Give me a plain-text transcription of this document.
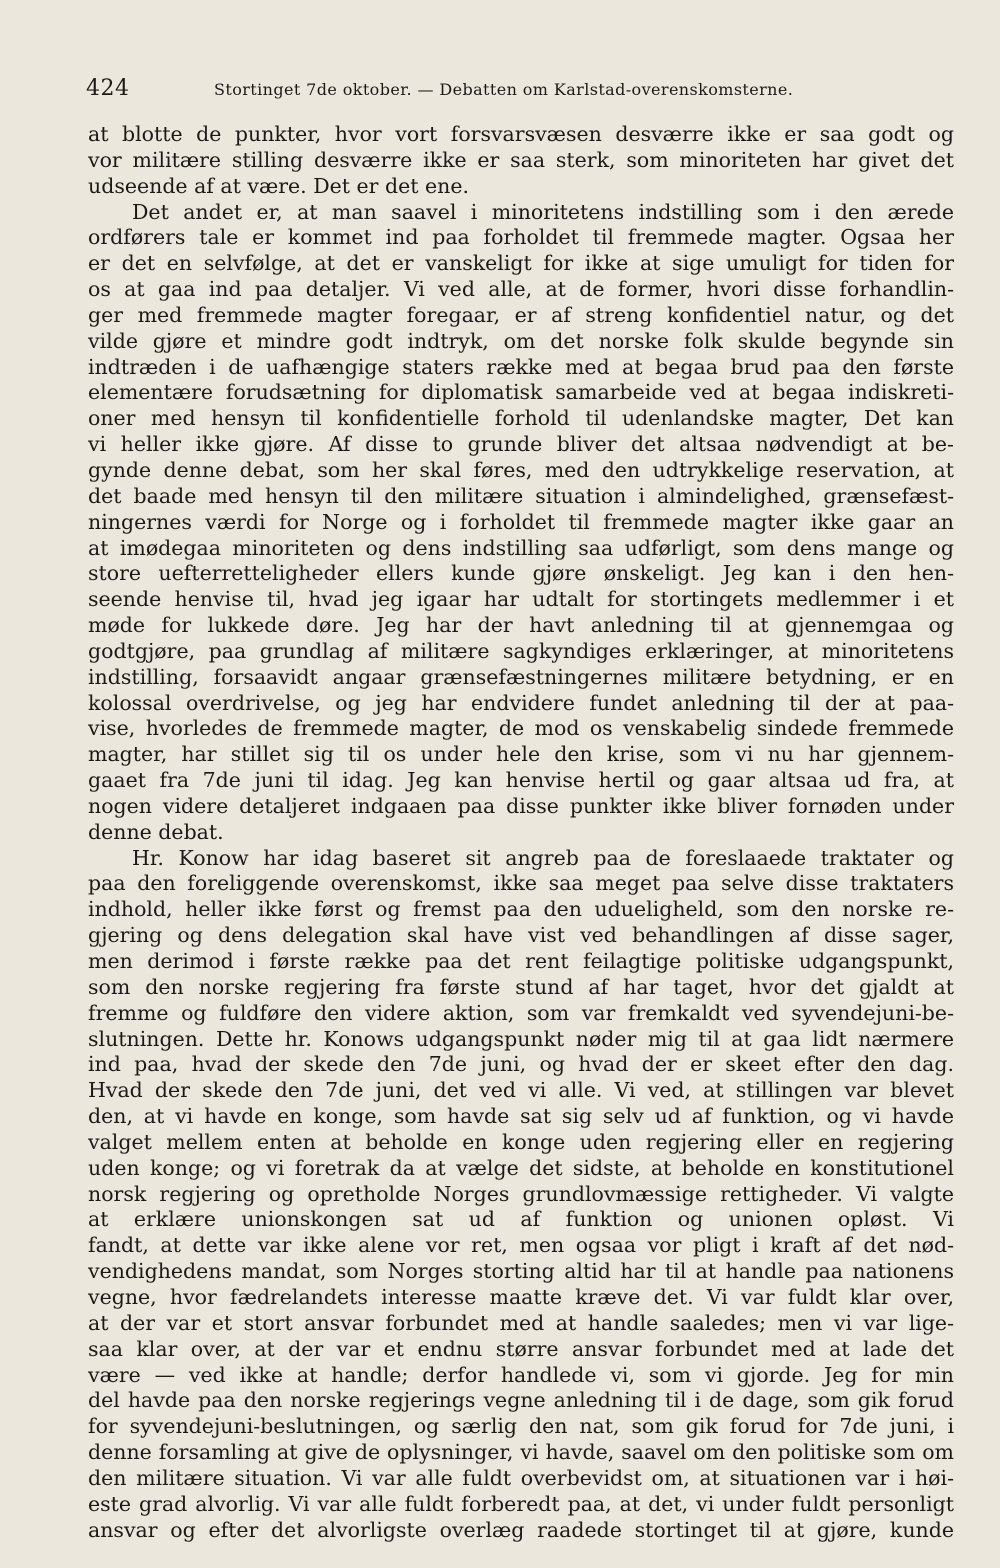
424	Stortinget 7de oktober. — Debatten om Karlstad-overenskomsterne.
at blotte de punkter, hvor vort forsvarsvæsen desværre ikke er saa godt og
vor militære stilling desværre ikke er saa sterk, som minoriteten har givet det
udseende af at være. Det er det ene.
Det andet er, at man saavel i minoritetens indstilling som i den ærede
ordførers tale er kommet ind paa forholdet til fremmede magter. Ogsaa her
er det en selvfølge, at det er vanskeligt for ikke at sige umuligt for tiden for
os at gaa ind paa detaljer. Vi ved alle, at de former, hvori disse forhandlin-
ger med fremmede magter foregaar, er af streng konfidentiel natur, og det
vilde gjøre et mindre godt indtryk, om det norske folk skulde begynde sin
indtræden i de uafhængige staters række med at begaa brud paa den første
elementære forudsætning for diplomatisk samarbeide ved at begaa indiskreti-
oner med hensyn til konfidentielle forhold til udenlandske magter, Det kan
vi heller ikke gjøre. Af disse to grunde bliver det altsaa nødvendigt at be-
gynde denne debat, som her skal føres, med den udtrykkelige reservation, at
det baade med hensyn til den militære situation i almindelighed, grænsefæst-
ningernes værdi for Norge og i forholdet til fremmede magter ikke gaar an
at imødegaa minoriteten og dens indstilling saa udførligt, som dens mange og
store uefterretteligheder ellers kunde gjøre ønskeligt. Jeg kan i den hen-
seende henvise til, hvad jeg igaar har udtalt for stortingets medlemmer i et
møde for lukkede døre. Jeg har der havt anledning til at gjennemgaa og
godtgjøre, paa grundlag af militære sagkyndiges erklæringer, at minoritetens
indstilling, forsaavidt angaar grænsefæstningernes militære betydning, er en
kolossal overdrivelse, og jeg har endvidere fundet anledning til der at paa-
vise, hvorledes de fremmede magter, de mod os venskabelig sindede fremmede
magter, har stillet sig til os under hele den krise, som vi nu har gjennem-
gaaet fra 7de juni til idag. Jeg kan henvise hertil og gaar altsaa ud fra, at
nogen videre detaljeret indgaaen paa disse punkter ikke bliver fornøden under
denne debat.
Hr. Konow har idag baseret sit angreb paa de foreslaaede traktater og
paa den foreliggende overenskomst, ikke saa meget paa selve disse traktaters
indhold, heller ikke først og fremst paa den udueligheld, som den norske re-
gjering og dens delegation skal have vist ved behandlingen af disse sager,
men derimod i første række paa det rent feilagtige politiske udgangspunkt,
som den norske regjering fra første stund af har taget, hvor det gjaldt at
fremme og fuldføre den videre aktion, som var fremkaldt ved syvendejuni-be-
slutningen. Dette hr. Konows udgangspunkt nøder mig til at gaa lidt nærmere
ind paa, hvad der skede den 7de juni, og hvad der er skeet efter den dag.
Hvad der skede den 7de juni, det ved vi alle. Vi ved, at stillingen var blevet
den, at vi havde en konge, som havde sat sig selv ud af funktion, og vi havde
valget mellem enten at beholde en konge uden regjering eller en regjering
uden konge; og vi foretrak da at vælge det sidste, at beholde en konstitutionel
norsk regjering og opretholde Norges grundlovmæssige rettigheder. Vi valgte
at erklære unionskongen sat ud af funktion og unionen opløst. Vi
fandt, at dette var ikke alene vor ret, men ogsaa vor pligt i kraft af det nød-
vendighedens mandat, som Norges storting altid har til at handle paa nationens
vegne, hvor fædrelandets interesse maatte kræve det. Vi var fuldt klar over,
at der var et stort ansvar forbundet med at handle saaledes; men vi var lige-
saa klar over, at der var et endnu større ansvar forbundet med at lade det
være — ved ikke at handle; derfor handlede vi, som vi gjorde. Jeg for min
del havde paa den norske regjerings vegne anledning til i de dage, som gik forud
for syvendejuni-beslutningen, og særlig den nat, som gik forud for 7de juni, i
denne forsamling at give de oplysninger, vi havde, saavel om den politiske som om
den militære situation. Vi var alle fuldt overbevidst om, at situationen var i høi-
este grad alvorlig. Vi var alle fuldt forberedt paa, at det, vi under fuldt personligt
ansvar og efter det alvorligste overlæg raadede stortinget til at gjøre, kunde
